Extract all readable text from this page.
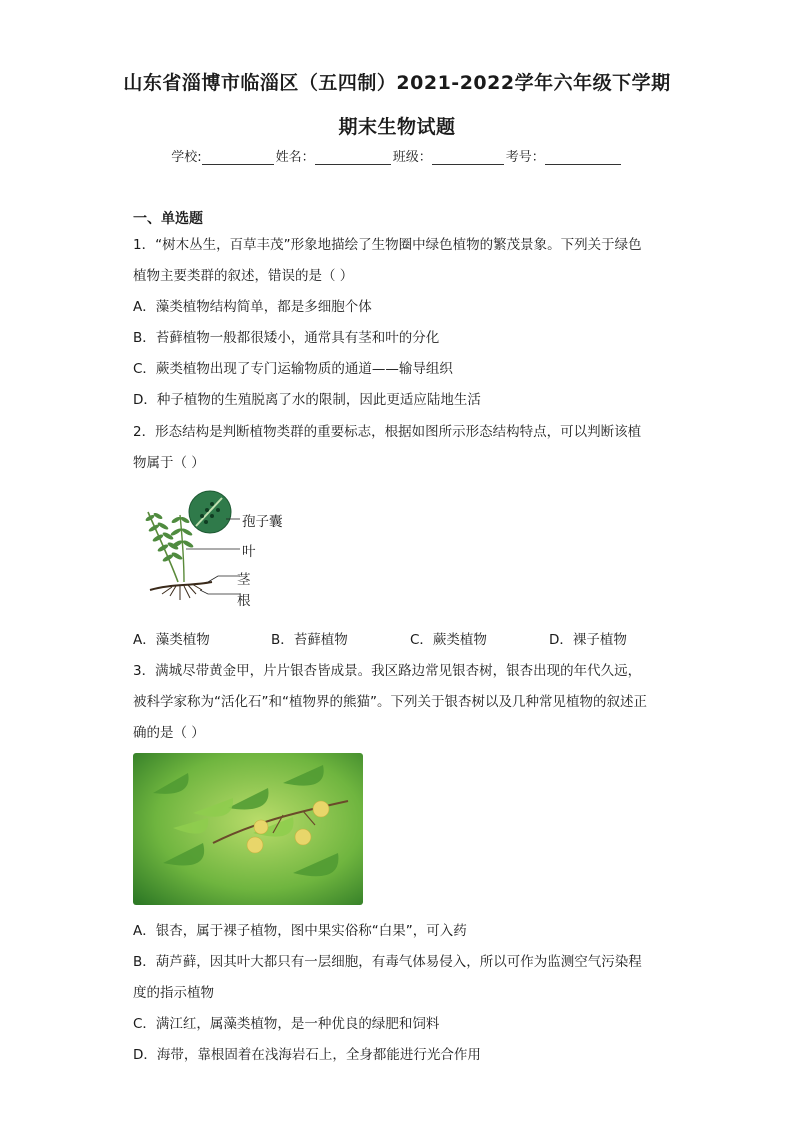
山东省淄博市临淄区（五四制）2021-2022学年六年级下学期
期末生物试题
学校:	姓名：	班级：	考号：
一、单选题
1．“树木丛生，百草丰茂”形象地描绘了生物圈中绿色植物的繁茂景象。下列关于绿色
植物主要类群的叙述，错误的是（ ）
A．藻类植物结构简单，都是多细胞个体
B．苔藓植物一般都很矮小，通常具有茎和叶的分化
C．蕨类植物出现了专门运输物质的通道——输导组织
D．种子植物的生殖脱离了水的限制，因此更适应陆地生活
2．形态结构是判断植物类群的重要标志，根据如图所示形态结构特点，可以判断该植
物属于（ ）
孢子囊
叶
茎
根
A．藻类植物	B．苔藓植物	C．蕨类植物	D．裸子植物
3．满城尽带黄金甲，片片银杏皆成景。我区路边常见银杏树，银杏出现的年代久远，
被科学家称为“活化石”和“植物界的熊猫”。下列关于银杏树以及几种常见植物的叙述正
确的是（ ）
A．银杏，属于裸子植物，图中果实俗称“白果”，可入药
B．葫芦藓，因其叶大都只有一层细胞，有毒气体易侵入，所以可作为监测空气污染程
度的指示植物
C．满江红，属藻类植物，是一种优良的绿肥和饲料
D．海带，靠根固着在浅海岩石上，全身都能进行光合作用
